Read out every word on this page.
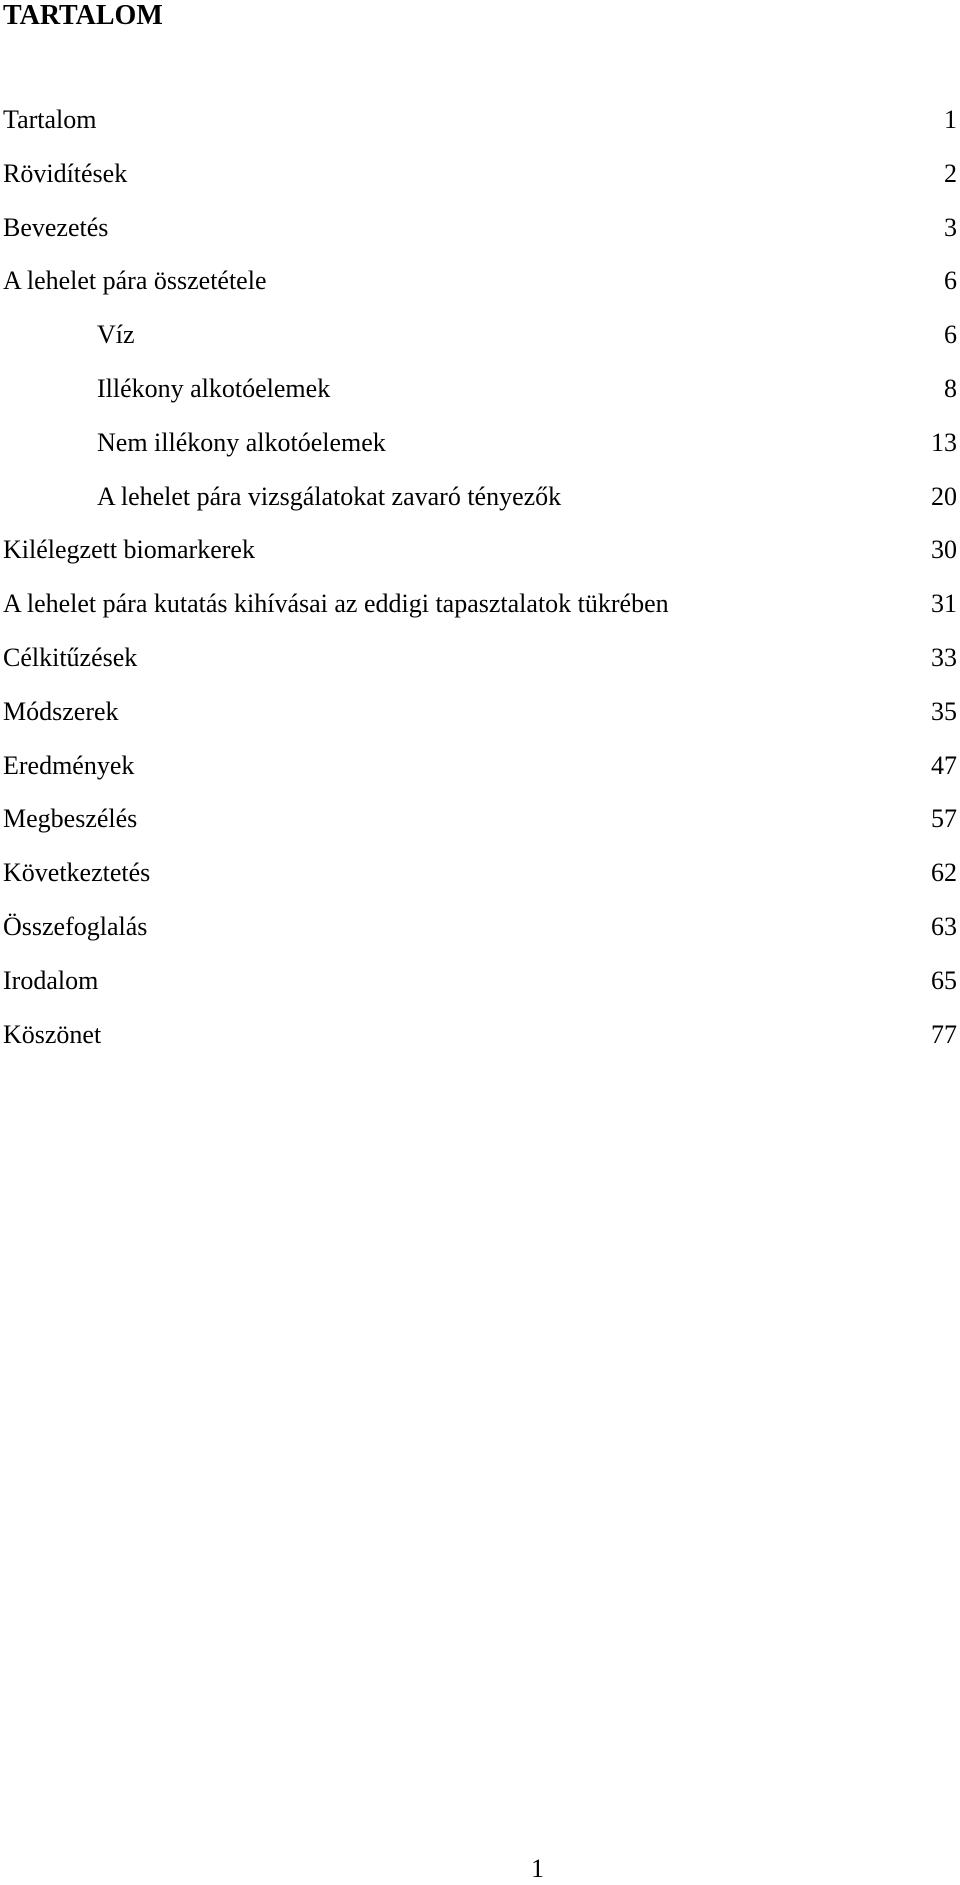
TARTALOM
Tartalom	1
Rövidítések	2
Bevezetés	3
A lehelet pára összetétele	6
Víz	6
Illékony alkotóelemek	8
Nem illékony alkotóelemek	13
A lehelet pára vizsgálatokat zavaró tényezők	20
Kilélegzett biomarkerek	30
A lehelet pára kutatás kihívásai az eddigi tapasztalatok tükrében	31
Célkitűzések	33
Módszerek	35
Eredmények	47
Megbeszélés	57
Következtetés	62
Összefoglalás	63
Irodalom	65
Köszönet	77
1
